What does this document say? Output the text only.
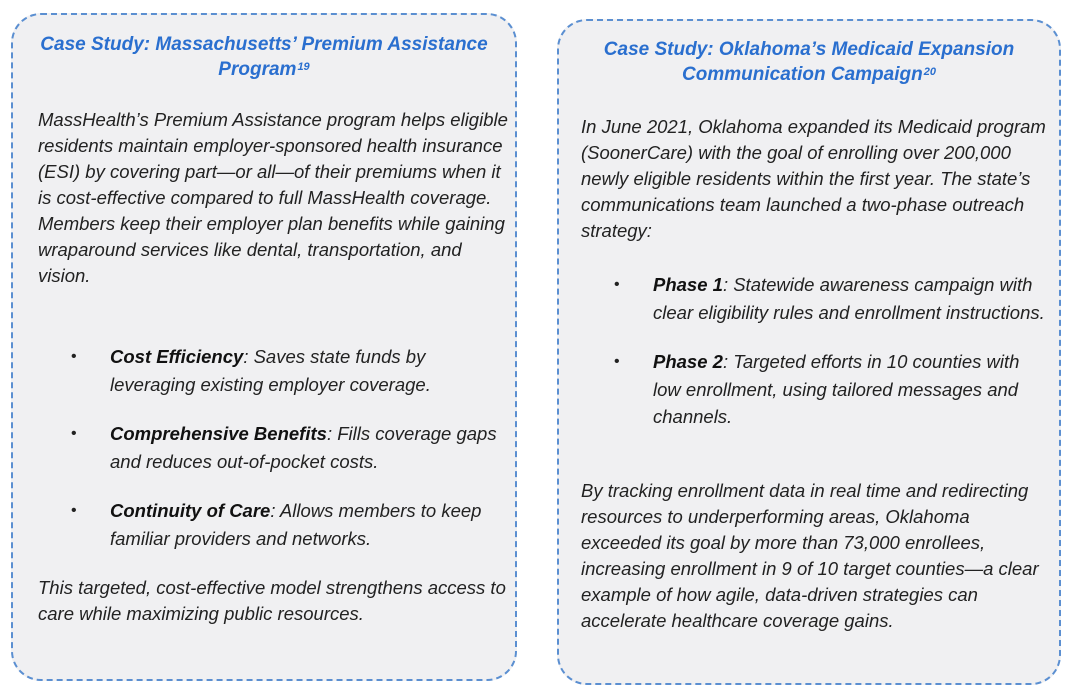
Case Study: Massachusetts’ Premium Assistance Program$^{19}$

MassHealth’s Premium Assistance program helps eligible residents maintain employer-sponsored health insurance (ESI) by covering part—or all—of their premiums when it is cost-effective compared to full MassHealth coverage. Members keep their employer plan benefits while gaining wraparound services like dental, transportation, and vision.

• Cost Efficiency: Saves state funds by leveraging existing employer coverage.
• Comprehensive Benefits: Fills coverage gaps and reduces out-of-pocket costs.
• Continuity of Care: Allows members to keep familiar providers and networks.

This targeted, cost-effective model strengthens access to care while maximizing public resources.

Case Study: Oklahoma’s Medicaid Expansion Communication Campaign$^{20}$

In June 2021, Oklahoma expanded its Medicaid program (SoonerCare) with the goal of enrolling over 200,000 newly eligible residents within the first year. The state’s communications team launched a two-phase outreach strategy:

• Phase 1: Statewide awareness campaign with clear eligibility rules and enrollment instructions.
• Phase 2: Targeted efforts in 10 counties with low enrollment, using tailored messages and channels.

By tracking enrollment data in real time and redirecting resources to underperforming areas, Oklahoma exceeded its goal by more than 73,000 enrollees, increasing enrollment in 9 of 10 target counties—a clear example of how agile, data-driven strategies can accelerate healthcare coverage gains.
